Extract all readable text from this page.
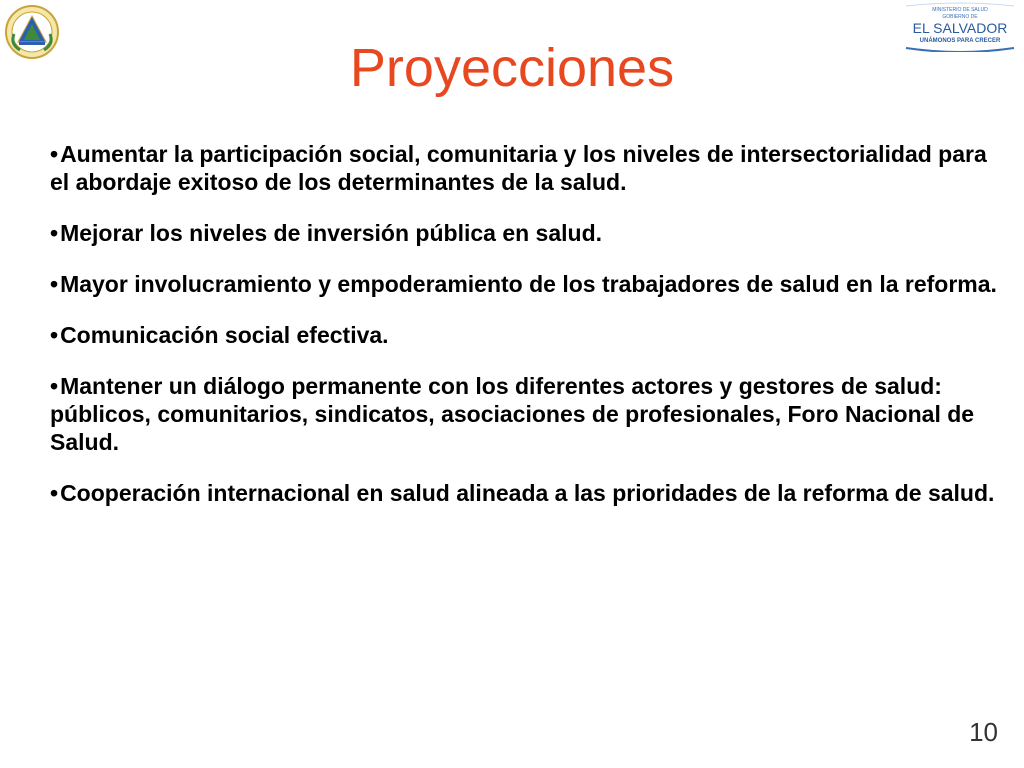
MINISTERIO DE SALUD
GOBIERNO DE
EL SALVADOR
UNÁMONOS PARA CRECER
Proyecciones
•Aumentar la participación social, comunitaria y los niveles de intersectorialidad para el abordaje exitoso de los determinantes de la salud.
•Mejorar los niveles de inversión pública en salud.
•Mayor involucramiento y empoderamiento de los trabajadores de salud en la reforma.
•Comunicación social efectiva.
•Mantener un diálogo permanente con los diferentes actores y gestores de salud: públicos, comunitarios, sindicatos, asociaciones de profesionales, Foro Nacional de Salud.
•Cooperación internacional en salud alineada a las prioridades de la reforma de salud.
10
